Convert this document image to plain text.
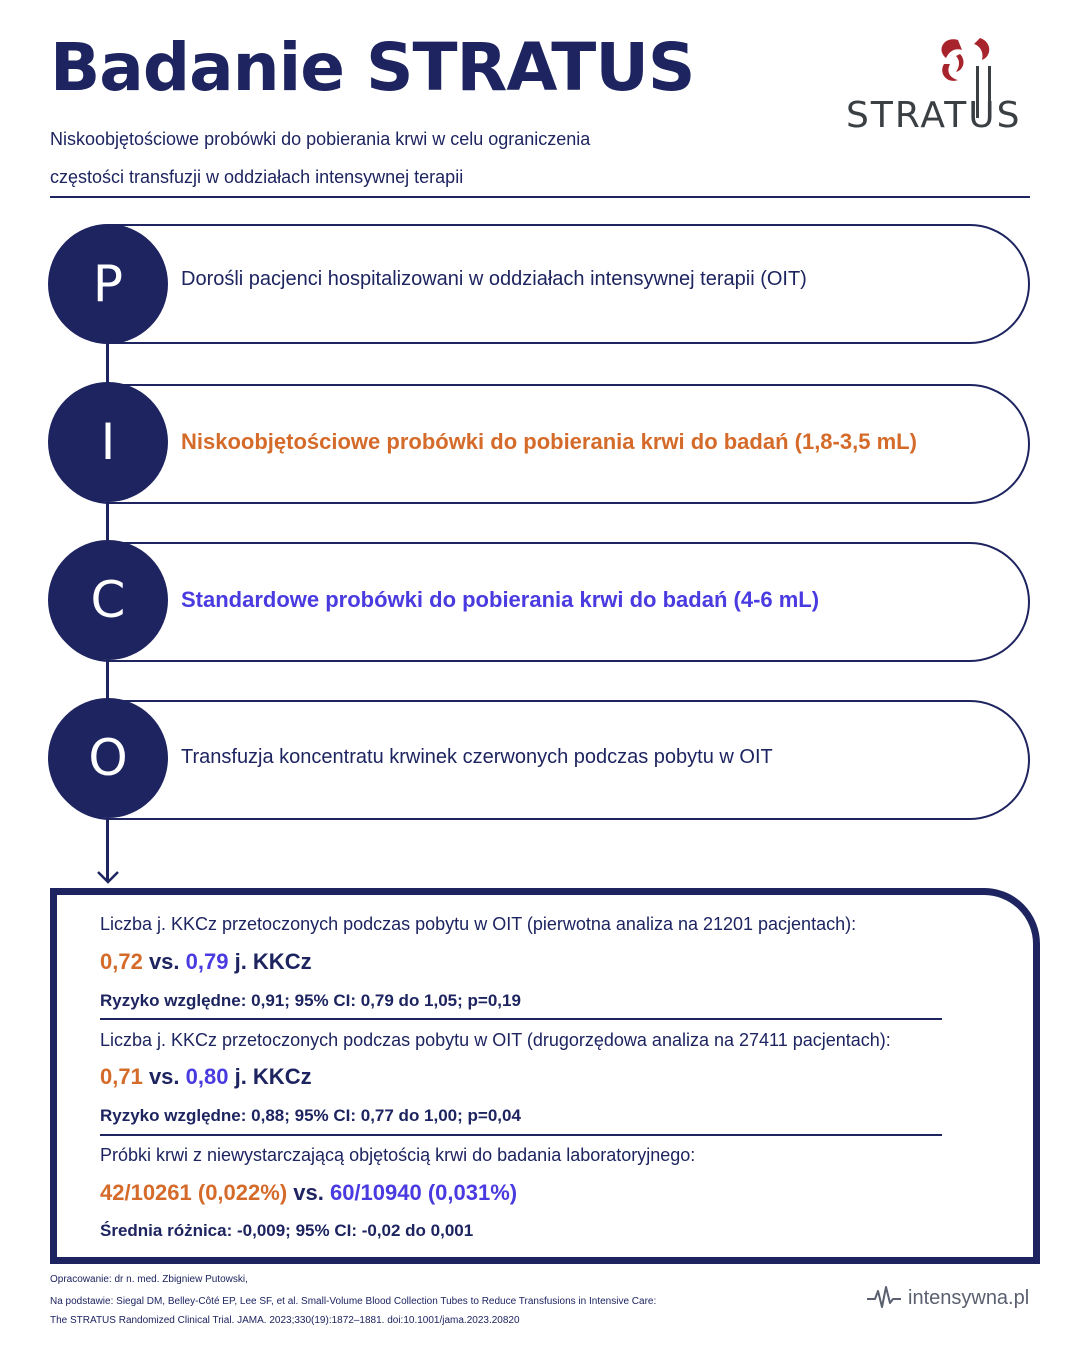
Badanie STRATUS
Niskoobjętościowe probówki do pobierania krwi w celu ograniczenia
częstości transfuzji w oddziałach intensywnej terapii
STRATUS
P	Dorośli pacjenci hospitalizowani w oddziałach intensywnej terapii (OIT)
I	Niskoobjętościowe probówki do pobierania krwi do badań (1,8-3,5 mL)
C	Standardowe probówki do pobierania krwi do badań (4-6 mL)
O	Transfuzja koncentratu krwinek czerwonych podczas pobytu w OIT
Liczba j. KKCz przetoczonych podczas pobytu w OIT (pierwotna analiza na 21201 pacjentach):
0,72 vs. 0,79 j. KKCz
Ryzyko względne: 0,91; 95% CI: 0,79 do 1,05; p=0,19
Liczba j. KKCz przetoczonych podczas pobytu w OIT (drugorzędowa analiza na 27411 pacjentach):
0,71 vs. 0,80 j. KKCz
Ryzyko względne: 0,88; 95% CI: 0,77 do 1,00; p=0,04
Próbki krwi z niewystarczającą objętością krwi do badania laboratoryjnego:
42/10261 (0,022%) vs. 60/10940 (0,031%)
Średnia różnica: -0,009; 95% CI: -0,02 do 0,001
Opracowanie: dr n. med. Zbigniew Putowski,
Na podstawie: Siegal DM, Belley-Côté EP, Lee SF, et al. Small-Volume Blood Collection Tubes to Reduce Transfusions in Intensive Care:
The STRATUS Randomized Clinical Trial. JAMA. 2023;330(19):1872–1881. doi:10.1001/jama.2023.20820
intensywna.pl
